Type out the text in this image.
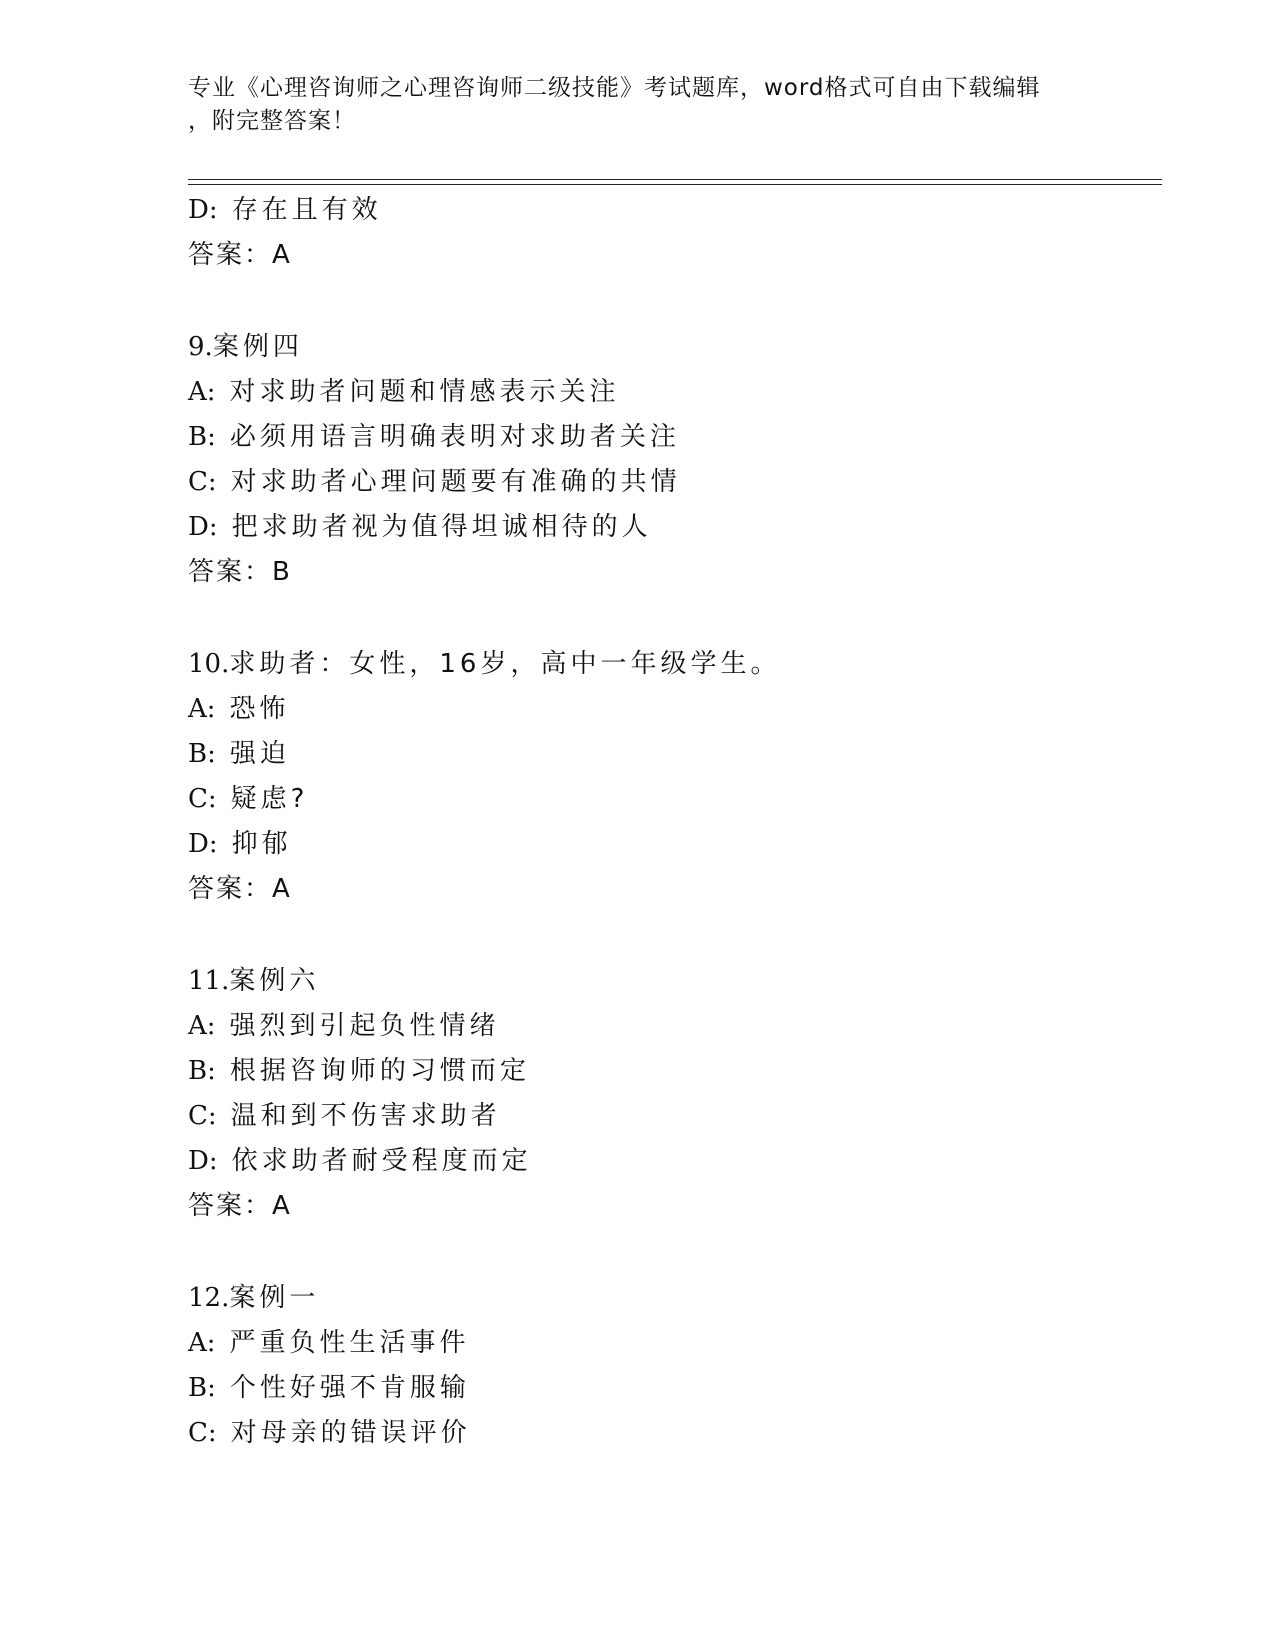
专业《心理咨询师之心理咨询师二级技能》考试题库，word格式可自由下载编辑
，附完整答案！
D: 存在且有效
答案：A
9.案例四
A: 对求助者问题和情感表示关注
B: 必须用语言明确表明对求助者关注
C: 对求助者心理问题要有准确的共情
D: 把求助者视为值得坦诚相待的人
答案：B
10.求助者：女性，16岁，高中一年级学生。
A: 恐怖
B: 强迫
C: 疑虑?
D: 抑郁
答案：A
11.案例六
A: 强烈到引起负性情绪
B: 根据咨询师的习惯而定
C: 温和到不伤害求助者
D: 依求助者耐受程度而定
答案：A
12.案例一
A: 严重负性生活事件
B: 个性好强不肯服输
C: 对母亲的错误评价
